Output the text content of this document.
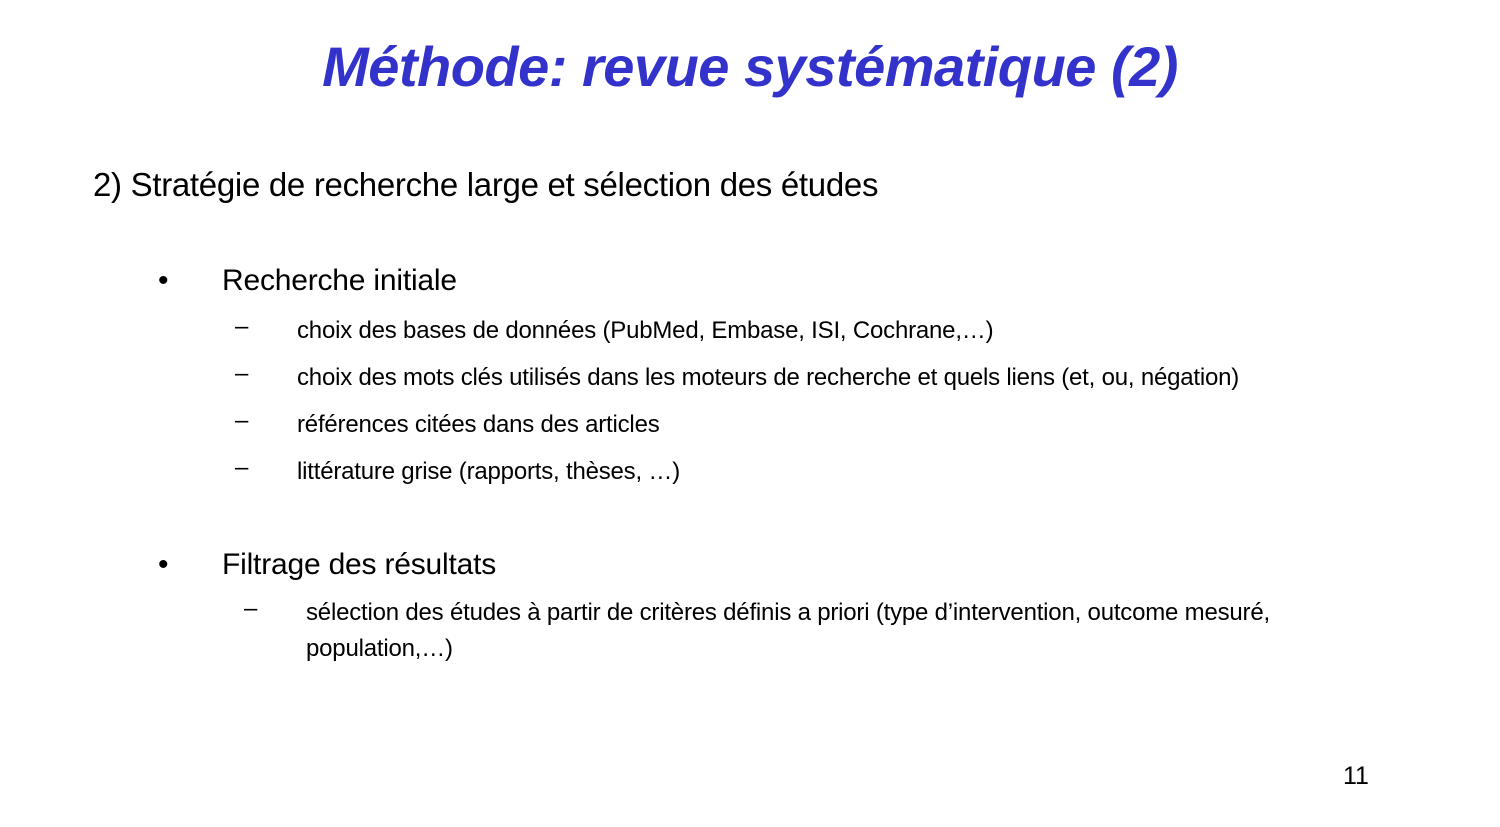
Méthode: revue systématique (2)
2) Stratégie de recherche large et sélection des études
• Recherche initiale
– choix des bases de données (PubMed, Embase, ISI, Cochrane,…)
– choix des mots clés utilisés dans les moteurs de recherche et quels liens (et, ou, négation)
– références citées dans des articles
– littérature grise (rapports, thèses, …)
• Filtrage des résultats
– sélection des études à partir de critères définis a priori (type d’intervention, outcome mesuré, population,…)
11
